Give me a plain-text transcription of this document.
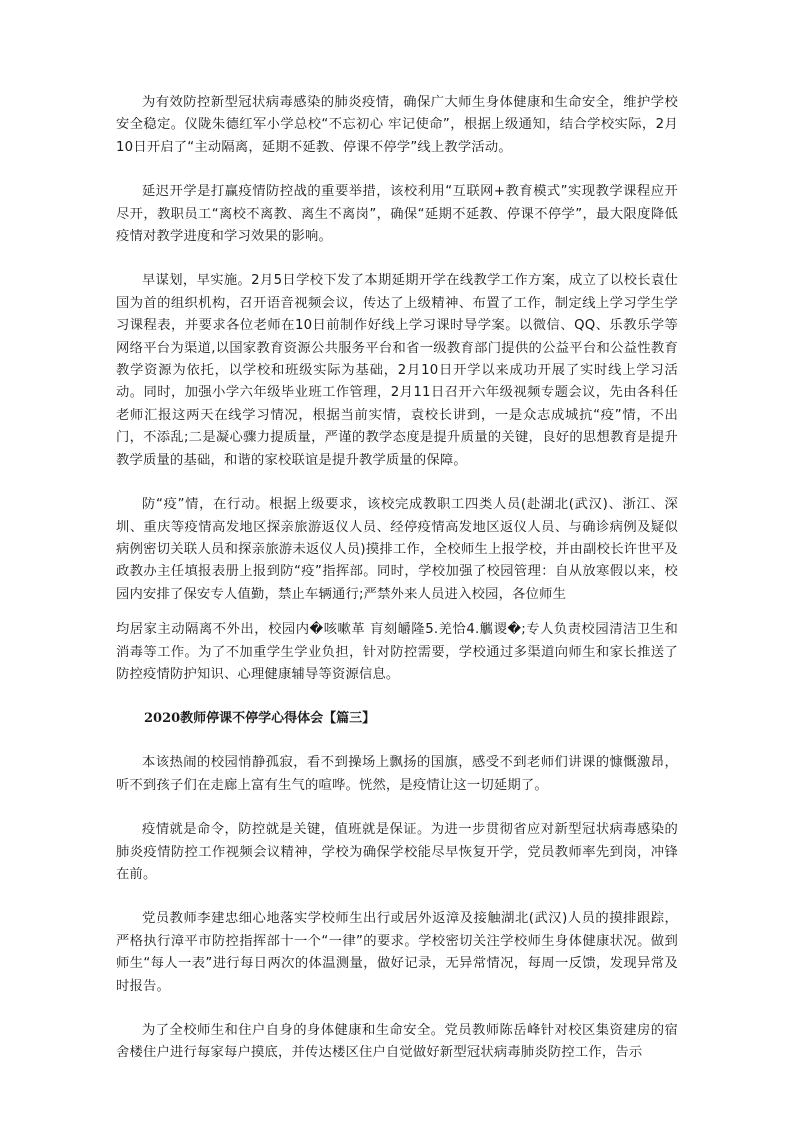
为有效防控新型冠状病毒感染的肺炎疫情，确保广大师生身体健康和生命安全，维护学校安全稳定。仪陇朱德红军小学总校“不忘初心 牢记使命”，根据上级通知，结合学校实际，2月10日开启了“主动隔离，延期不延教、停课不停学”线上教学活动。

延迟开学是打赢疫情防控战的重要举措，该校利用“互联网+教育模式”实现教学课程应开尽开，教职员工“离校不离教、离生不离岗”，确保“延期不延教、停课不停学”，最大限度降低疫情对教学进度和学习效果的影响。

早谋划，早实施。2月5日学校下发了本期延期开学在线教学工作方案，成立了以校长袁仕国为首的组织机构，召开语音视频会议，传达了上级精神、布置了工作，制定线上学习学生学习课程表，并要求各位老师在10日前制作好线上学习课时导学案。以微信、QQ、乐教乐学等网络平台为渠道,以国家教育资源公共服务平台和省一级教育部门提供的公益平台和公益性教育教学资源为依托，以学校和班级实际为基础，2月10日开学以来成功开展了实时线上学习活动。同时，加强小学六年级毕业班工作管理，2月11日召开六年级视频专题会议，先由各科任老师汇报这两天在线学习情况，根据当前实情，袁校长讲到，一是众志成城抗“疫”情，不出门，不添乱;二是凝心骤力提质量，严谨的教学态度是提升质量的关键，良好的思想教育是提升教学质量的基础，和谐的家校联谊是提升教学质量的保障。

防“疫”情，在行动。根据上级要求，该校完成教职工四类人员(赴湖北(武汉)、浙江、深圳、重庆等疫情高发地区探亲旅游返仪人员、经停疫情高发地区返仪人员、与确诊病例及疑似病例密切关联人员和探亲旅游未返仪人员)摸排工作，全校师生上报学校，并由副校长许世平及政教办主任填报表册上报到防“疫”指挥部。同时，学校加强了校园管理：自从放寒假以来，校园内安排了保安专人值勤，禁止车辆通行;严禁外来人员进入校园，各位师生

均居家主动隔离不外出，校园内�咳嗽革 肓刻皭隆5.羌恰4.觽谡�;专人负责校园清洁卫生和消毒等工作。为了不加重学生学业负担，针对防控需要，学校通过多渠道向师生和家长推送了防控疫情防护知识、心理健康辅导等资源信息。

2020教师停课不停学心得体会【篇三】

本该热闹的校园悄静孤寂，看不到操场上飘扬的国旗，感受不到老师们讲课的慷慨激昂，听不到孩子们在走廊上富有生气的喧哗。恍然，是疫情让这一切延期了。

疫情就是命令，防控就是关键，值班就是保证。为进一步贯彻省应对新型冠状病毒感染的肺炎疫情防控工作视频会议精神，学校为确保学校能尽早恢复开学，党员教师率先到岗，冲锋在前。

党员教师李建忠细心地落实学校师生出行或居外返漳及接触湖北(武汉)人员的摸排跟踪，严格执行漳平市防控指挥部十一个“一律”的要求。学校密切关注学校师生身体健康状况。做到师生“每人一表”进行每日两次的体温测量，做好记录，无异常情况，每周一反馈，发现异常及时报告。

为了全校师生和住户自身的身体健康和生命安全。党员教师陈岳峰针对校区集资建房的宿舍楼住户进行每家每户摸底，并传达楼区住户自觉做好新型冠状病毒肺炎防控工作，告示
